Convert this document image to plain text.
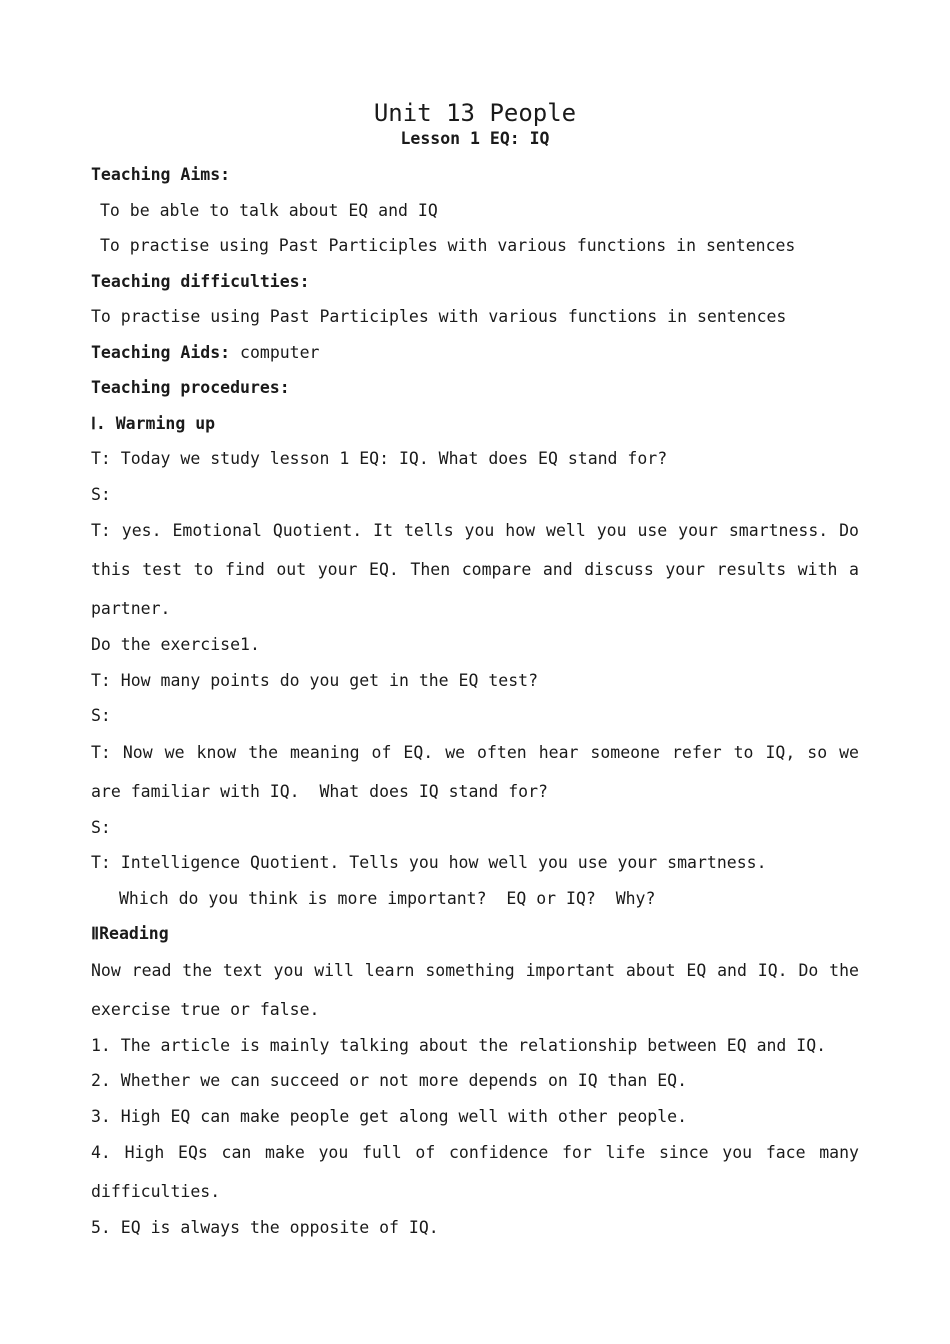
Unit 13 People
Lesson 1 EQ: IQ

Teaching Aims:

To be able to talk about EQ and IQ

To practise using Past Participles with various functions in sentences

Teaching difficulties:

To practise using Past Participles with various functions in sentences

Teaching Aids: computer

Teaching procedures:

Ⅰ. Warming up

T: Today we study lesson 1 EQ: IQ. What does EQ stand for?

S:

T: yes. Emotional Quotient. It tells you how well you use your smartness. Do this test to find out your EQ. Then compare and discuss your results with a partner.

Do the exercise1.

T: How many points do you get in the EQ test?

S:

T: Now we know the meaning of EQ. we often hear someone refer to IQ, so we are familiar with IQ.  What does IQ stand for?

S:

T: Intelligence Quotient. Tells you how well you use your smartness.

Which do you think is more important?  EQ or IQ?  Why?

ⅡReading

Now read the text you will learn something important about EQ and IQ. Do the exercise true or false.

1. The article is mainly talking about the relationship between EQ and IQ.

2. Whether we can succeed or not more depends on IQ than EQ.

3. High EQ can make people get along well with other people.

4. High EQs can make you full of confidence for life since you face many difficulties.

5. EQ is always the opposite of IQ.
